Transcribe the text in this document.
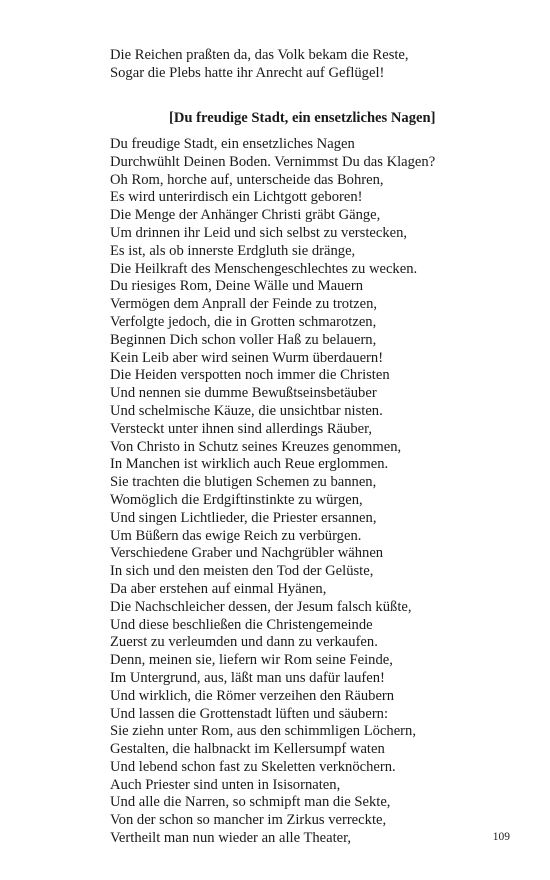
Die Reichen praßten da, das Volk bekam die Reste,
Sogar die Plebs hatte ihr Anrecht auf Geflügel!
[Du freudige Stadt, ein ensetzliches Nagen]
Du freudige Stadt, ein ensetzliches Nagen
Durchwühlt Deinen Boden. Vernimmst Du das Klagen?
Oh Rom, horche auf, unterscheide das Bohren,
Es wird unterirdisch ein Lichtgott geboren!
Die Menge der Anhänger Christi gräbt Gänge,
Um drinnen ihr Leid und sich selbst zu verstecken,
Es ist, als ob innerste Erdgluth sie dränge,
Die Heilkraft des Menschengeschlechtes zu wecken.
Du riesiges Rom, Deine Wälle und Mauern
Vermögen dem Anprall der Feinde zu trotzen,
Verfolgte jedoch, die in Grotten schmarotzen,
Beginnen Dich schon voller Haß zu belauern,
Kein Leib aber wird seinen Wurm überdauern!
Die Heiden verspotten noch immer die Christen
Und nennen sie dumme Bewußtseinsbetäuber
Und schelmische Käuze, die unsichtbar nisten.
Versteckt unter ihnen sind allerdings Räuber,
Von Christo in Schutz seines Kreuzes genommen,
In Manchen ist wirklich auch Reue erglommen.
Sie trachten die blutigen Schemen zu bannen,
Womöglich die Erdgiftinstinkte zu würgen,
Und singen Lichtlieder, die Priester ersannen,
Um Büßern das ewige Reich zu verbürgen.
Verschiedene Graber und Nachgrübler wähnen
In sich und den meisten den Tod der Gelüste,
Da aber erstehen auf einmal Hyänen,
Die Nachschleicher dessen, der Jesum falsch küßte,
Und diese beschließen die Christengemeinde
Zuerst zu verleumden und dann zu verkaufen.
Denn, meinen sie, liefern wir Rom seine Feinde,
Im Untergrund, aus, läßt man uns dafür laufen!
Und wirklich, die Römer verzeihen den Räubern
Und lassen die Grottenstadt lüften und säubern:
Sie ziehn unter Rom, aus den schimmligen Löchern,
Gestalten, die halbnackt im Kellersumpf waten
Und lebend schon fast zu Skeletten verknöchern.
Auch Priester sind unten in Isisornaten,
Und alle die Narren, so schmipft man die Sekte,
Von der schon so mancher im Zirkus verreckte,
Vertheilt man nun wieder an alle Theater,	109
